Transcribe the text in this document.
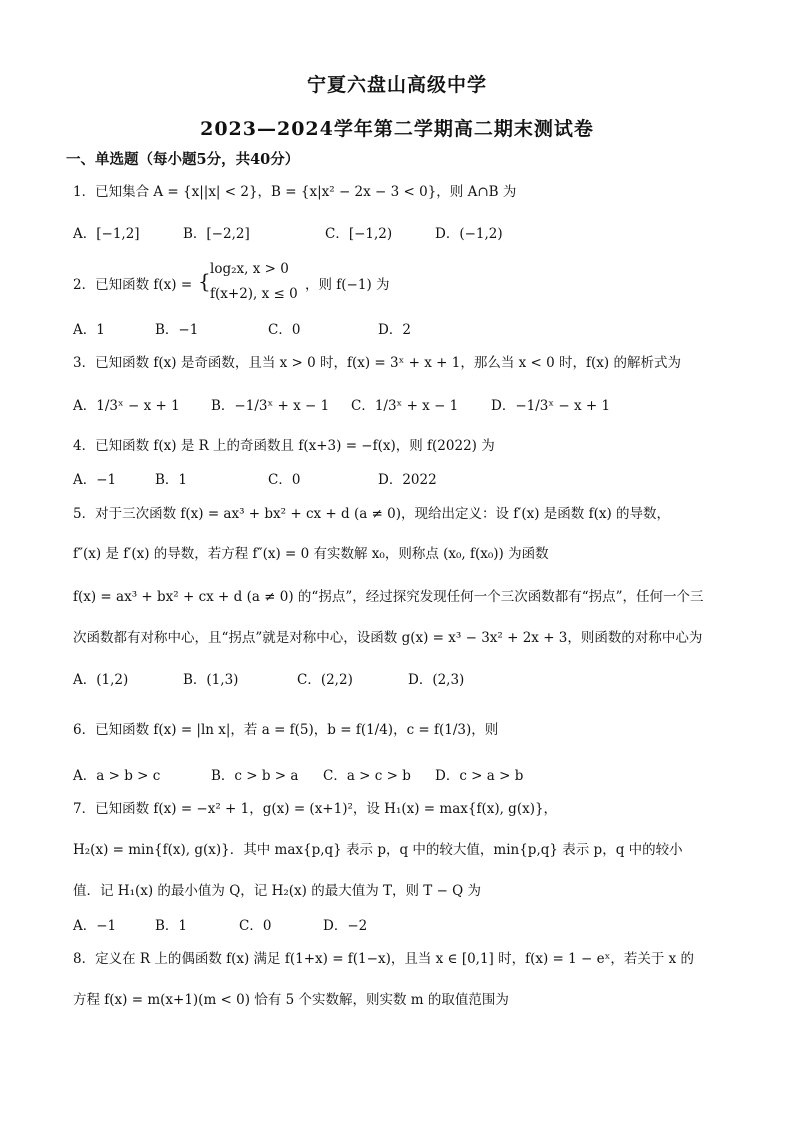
宁夏六盘山高级中学
2023—2024学年第二学期高二期末测试卷
一、单选题（每小题5分，共40分）
1．已知集合 A = {x||x| < 2}，B = {x|x² − 2x − 3 < 0}，则 A∩B 为
A．[−1,2]	B．[−2,2]	C．[−1,2)	D．(−1,2)
2．已知函数 f(x) = { log₂x, x > 0
f(x+2), x ≤ 0
，则 f(−1) 为
A．1	B．−1	C．0	D．2
3．已知函数 f(x) 是奇函数，且当 x > 0 时，f(x) = 3ˣ + x + 1，那么当 x < 0 时，f(x) 的解析式为
A．1/3ˣ − x + 1 B．−1/3ˣ + x − 1 C．1/3ˣ + x − 1 D．−1/3ˣ − x + 1
4．已知函数 f(x) 是 R 上的奇函数且 f(x+3) = −f(x)，则 f(2022) 为
A．−1	B．1	C．0	D．2022
5．对于三次函数 f(x) = ax³ + bx² + cx + d (a ≠ 0)，现给出定义：设 f′(x) 是函数 f(x) 的导数，
f″(x) 是 f′(x) 的导数，若方程 f″(x) = 0 有实数解 x₀，则称点 (x₀, f(x₀)) 为函数
f(x) = ax³ + bx² + cx + d (a ≠ 0) 的“拐点”，经过探究发现任何一个三次函数都有“拐点”，任何一个三
次函数都有对称中心，且“拐点”就是对称中心，设函数 g(x) = x³ − 3x² + 2x + 3，则函数的对称中心为
A．(1,2)	B．(1,3)	C．(2,2)	D．(2,3)
6．已知函数 f(x) = |ln x|，若 a = f(5)，b = f(1/4)，c = f(1/3)，则
A．a > b > c	B．c > b > a C．a > c > b D．c > a > b
7．已知函数 f(x) = −x² + 1，g(x) = (x+1)²，设 H₁(x) = max{f(x), g(x)}，
H₂(x) = min{f(x), g(x)}．其中 max{p,q} 表示 p，q 中的较大值，min{p,q} 表示 p，q 中的较小
值．记 H₁(x) 的最小值为 Q，记 H₂(x) 的最大值为 T，则 T − Q 为
A．−1	B．1	C．0	D．−2
8．定义在 R 上的偶函数 f(x) 满足 f(1+x) = f(1−x)，且当 x ∈ [0,1] 时，f(x) = 1 − eˣ，若关于 x 的
方程 f(x) = m(x+1)(m < 0) 恰有 5 个实数解，则实数 m 的取值范围为
